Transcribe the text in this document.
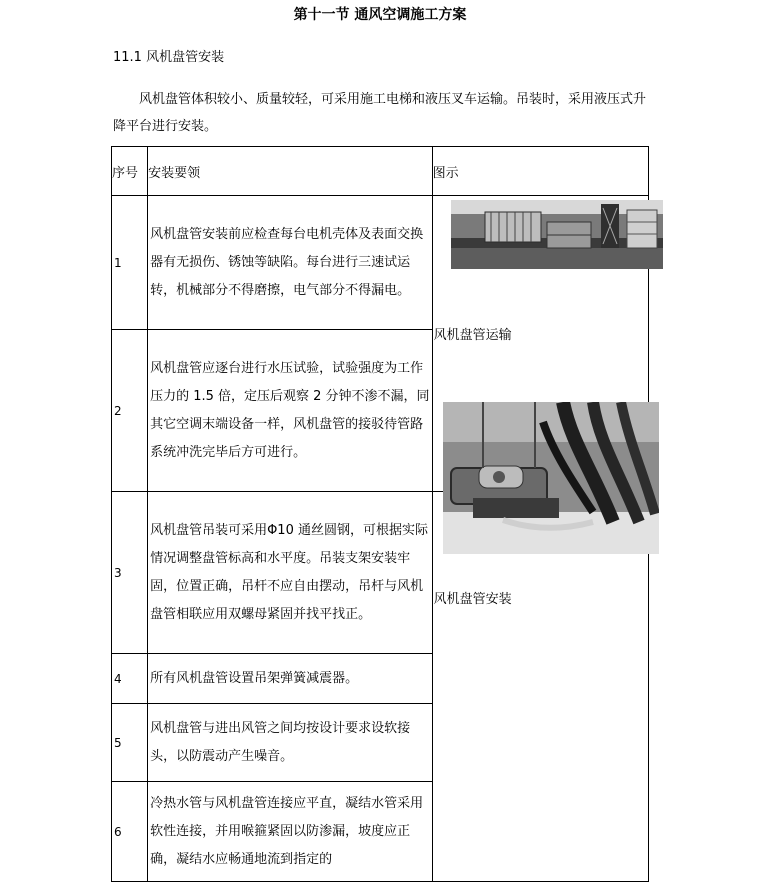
第十一节 通风空调施工方案
11.1 风机盘管安装
风机盘管体积较小、质量较轻，可采用施工电梯和液压叉车运输。吊装时，采用液压式升降平台进行安装。
序号	安装要领	图示
1	风机盘管安装前应检查每台电机壳体及表面交换器有无损伤、锈蚀等缺陷。每台进行三速试运转，机械部分不得磨擦，电气部分不得漏电。	风机盘管运输

2	风机盘管应逐台进行水压试验，试验强度为工作压力的 1.5 倍，定压后观察 2 分钟不渗不漏，同其它空调末端设备一样，风机盘管的接驳待管路系统冲洗完毕后方可进行。	
3	风机盘管吊装可采用Φ10 通丝圆钢，可根据实际情况调整盘管标高和水平度。吊装支架安装牢固，位置正确，吊杆不应自由摆动，吊杆与风机盘管相联应用双螺母紧固并找平找正。	风机盘管安装

4	所有风机盘管设置吊架弹簧减震器。	
5	风机盘管与进出风管之间均按设计要求设软接头，以防震动产生噪音。	
6	冷热水管与风机盘管连接应平直，凝结水管采用软性连接，并用喉箍紧固以防渗漏，坡度应正确，凝结水应畅通地流到指定的	
